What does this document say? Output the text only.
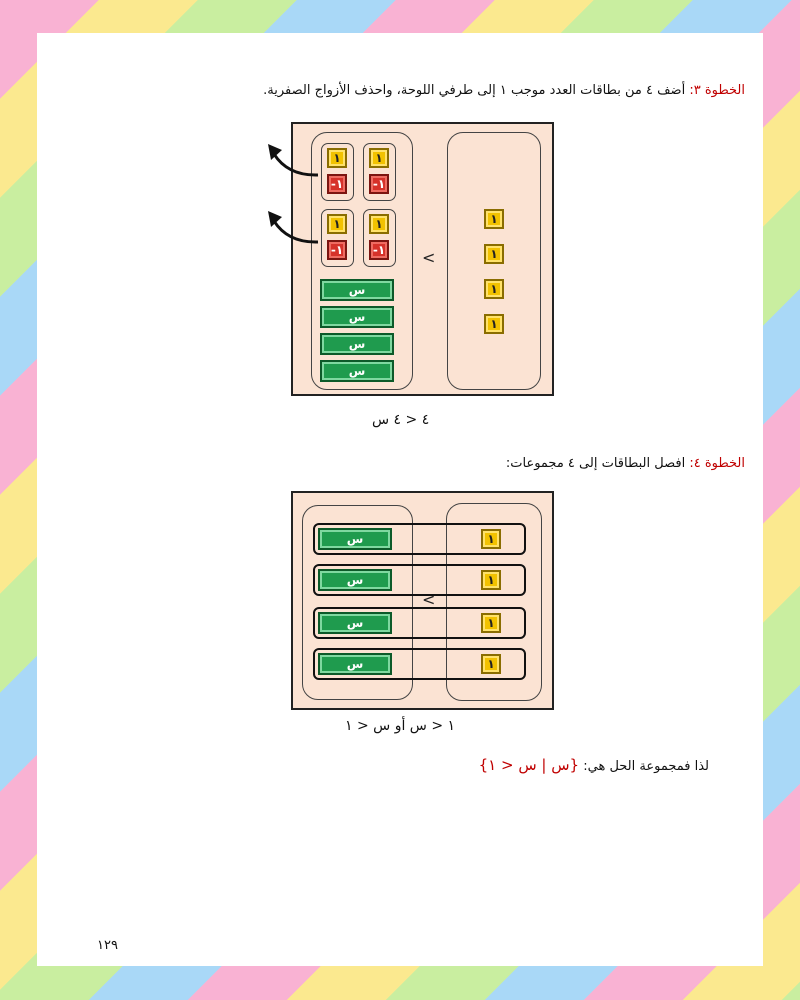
الخطوة ٣: أضف ٤ من بطاقات العدد موجب ١ إلى طرفي اللوحة، واحذف الأزواج الصفرية.
١
-١
١
-١
١
-١
١
-١
س
س
س
س
<
١
١
١
١
٤ < ٤ س
الخطوة ٤: افصل البطاقات إلى ٤ مجموعات:
<
س	١
س	١
س	١
س	١
١ < س أو س < ١
لذا فمجموعة الحل هي: {س | س < ١}
١٢٩
